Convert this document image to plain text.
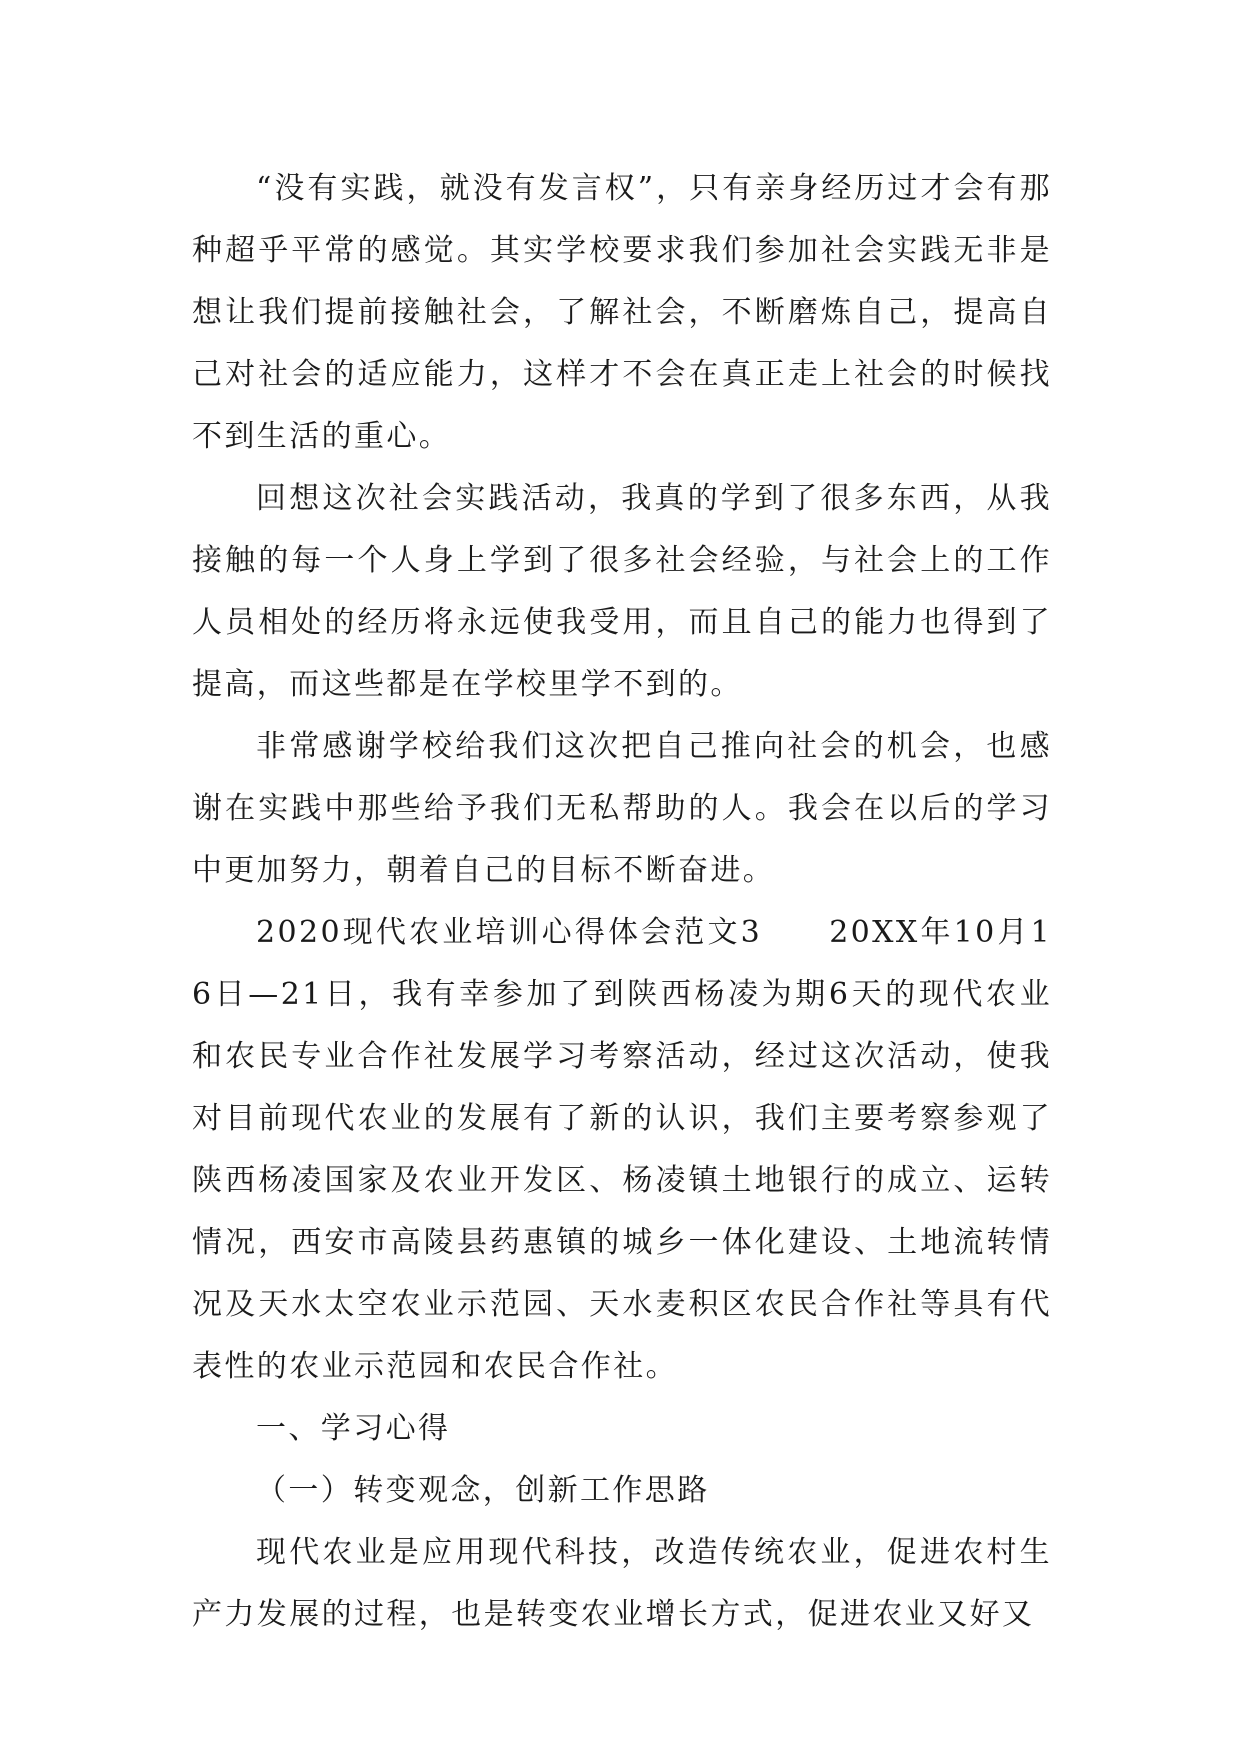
“没有实践，就没有发言权”，只有亲身经历过才会有那种超乎平常的感觉。其实学校要求我们参加社会实践无非是想让我们提前接触社会，了解社会，不断磨炼自己，提高自己对社会的适应能力，这样才不会在真正走上社会的时候找不到生活的重心。

回想这次社会实践活动，我真的学到了很多东西，从我接触的每一个人身上学到了很多社会经验，与社会上的工作人员相处的经历将永远使我受用，而且自己的能力也得到了提高，而这些都是在学校里学不到的。

非常感谢学校给我们这次把自己推向社会的机会，也感谢在实践中那些给予我们无私帮助的人。我会在以后的学习中更加努力，朝着自己的目标不断奋进。

2020现代农业培训心得体会范文3　　20XX年10月16日—21日，我有幸参加了到陕西杨凌为期6天的现代农业和农民专业合作社发展学习考察活动，经过这次活动，使我对目前现代农业的发展有了新的认识，我们主要考察参观了陕西杨凌国家及农业开发区、杨凌镇土地银行的成立、运转情况，西安市高陵县药惠镇的城乡一体化建设、土地流转情况及天水太空农业示范园、天水麦积区农民合作社等具有代表性的农业示范园和农民合作社。

一、学习心得

（一）转变观念，创新工作思路

现代农业是应用现代科技，改造传统农业，促进农村生产力发展的过程，也是转变农业增长方式，促进农业又好又
